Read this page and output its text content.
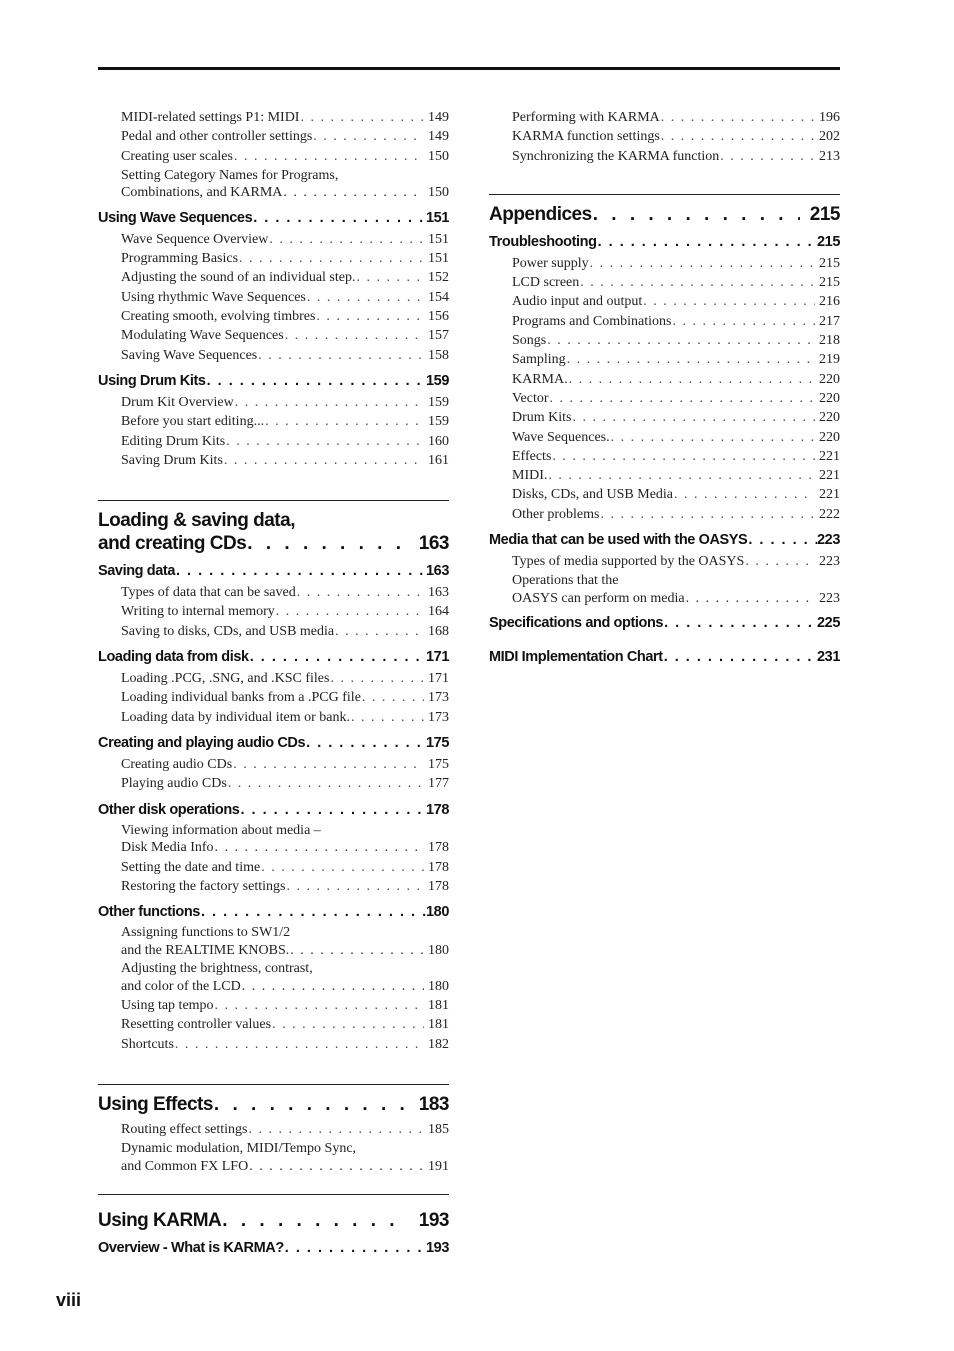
MIDI-related settings P1: MIDI . . .	149
Pedal and other controller settings . . .	149
Creating user scales . . .	150
Setting Category Names for Programs,
Combinations, and KARMA . . .	150
Using Wave Sequences . . .	151
Wave Sequence Overview . . .	151
Programming Basics . . .	151
Adjusting the sound of an individual step. . . .	152
Using rhythmic Wave Sequences . . .	154
Creating smooth, evolving timbres . . .	156
Modulating Wave Sequences . . .	157
Saving Wave Sequences . . .	158
Using Drum Kits . . .	159
Drum Kit Overview . . .	159
Before you start editing... . . .	159
Editing Drum Kits . . .	160
Saving Drum Kits . . .	161
Loading & saving data,
and creating CDs . . .	163
Saving data . . .	163
Types of data that can be saved . . .	163
Writing to internal memory . . .	164
Saving to disks, CDs, and USB media . . .	168
Loading data from disk . . .	171
Loading .PCG, .SNG, and .KSC files . . .	171
Loading individual banks from a .PCG file . . .	173
Loading data by individual item or bank. . . .	173
Creating and playing audio CDs . . .	175
Creating audio CDs . . .	175
Playing audio CDs . . .	177
Other disk operations . . .	178
Viewing information about media –
Disk Media Info . . .	178
Setting the date and time . . .	178
Restoring the factory settings . . .	178
Other functions . . .	180
Assigning functions to SW1/2
and the REALTIME KNOBS. . . .	180
Adjusting the brightness, contrast,
and color of the LCD . . .	180
Using tap tempo . . .	181
Resetting controller values . . .	181
Shortcuts . . .	182
Using Effects . . .	183
Routing effect settings . . .	185
Dynamic modulation, MIDI/Tempo Sync,
and Common FX LFO . . .	191
Using KARMA . . .	193
Overview - What is KARMA? . . .	193
Performing with KARMA . . .	196
KARMA function settings . . .	202
Synchronizing the KARMA function . . .	213
Appendices . . .	215
Troubleshooting . . .	215
Power supply . . .	215
LCD screen . . .	215
Audio input and output . . .	216
Programs and Combinations . . .	217
Songs . . .	218
Sampling . . .	219
KARMA. . . .	220
Vector . . .	220
Drum Kits . . .	220
Wave Sequences. . . .	220
Effects . . .	221
MIDI. . . .	221
Disks, CDs, and USB Media . . .	221
Other problems . . .	222
Media that can be used with the OASYS . . .	223
Types of media supported by the OASYS . . .	223
Operations that the
OASYS can perform on media . . .	223
Specifications and options . . .	225
MIDI Implementation Chart . . .	231
viii
